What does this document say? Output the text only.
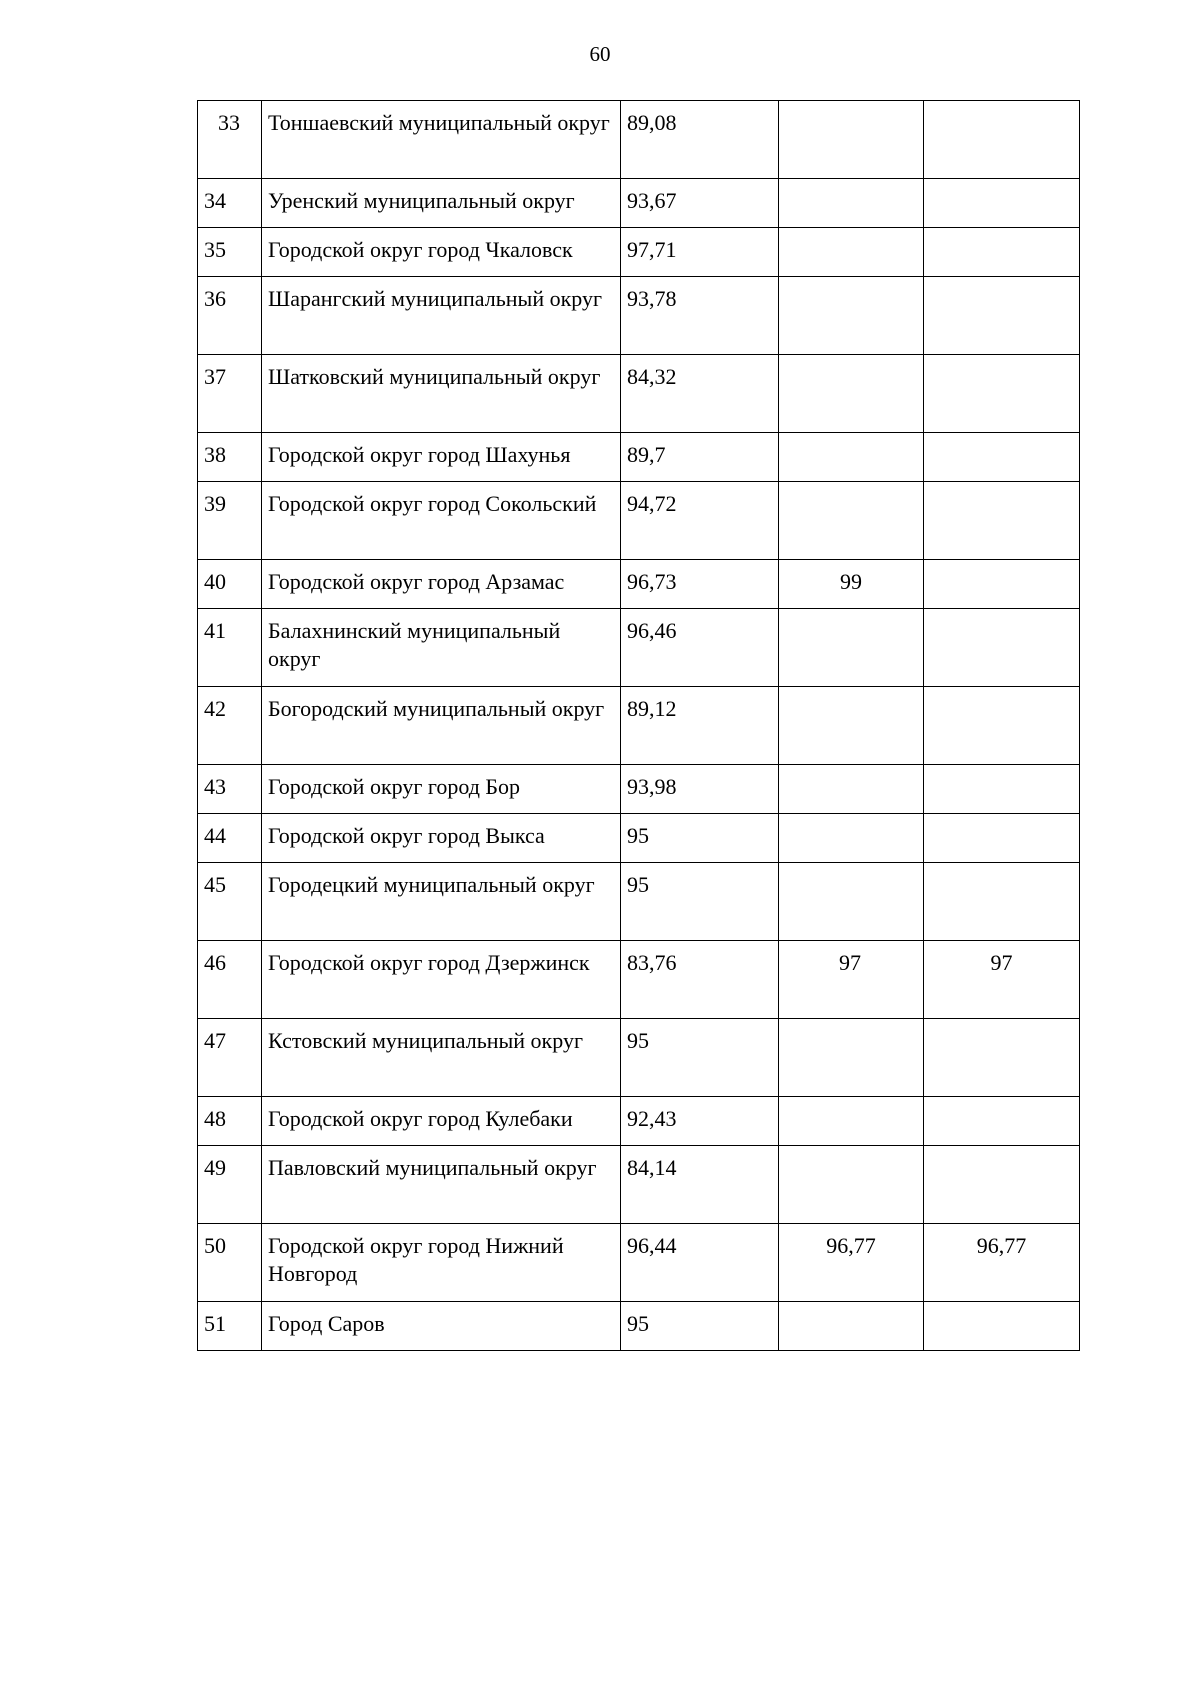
60
33	Тоншаевский муниципальный округ	89,08		
34	Уренский муниципальный округ	93,67		
35	Городской округ город Чкаловск	97,71		
36	Шарангский муниципальный округ	93,78		
37	Шатковский муниципальный округ	84,32		
38	Городской округ город Шахунья	89,7		
39	Городской округ город Сокольский	94,72		
40	Городской округ город Арзамас	96,73	99	
41	Балахнинский муниципальный округ	96,46		
42	Богородский муниципальный округ	89,12		
43	Городской округ город Бор	93,98		
44	Городской округ город Выкса	95		
45	Городецкий муниципальный округ	95		
46	Городской округ город Дзержинск	83,76	97	97
47	Кстовский муниципальный округ	95		
48	Городской округ город Кулебаки	92,43		
49	Павловский муниципальный округ	84,14		
50	Городской округ город Нижний Новгород	96,44	96,77	96,77
51	Город Саров	95		
